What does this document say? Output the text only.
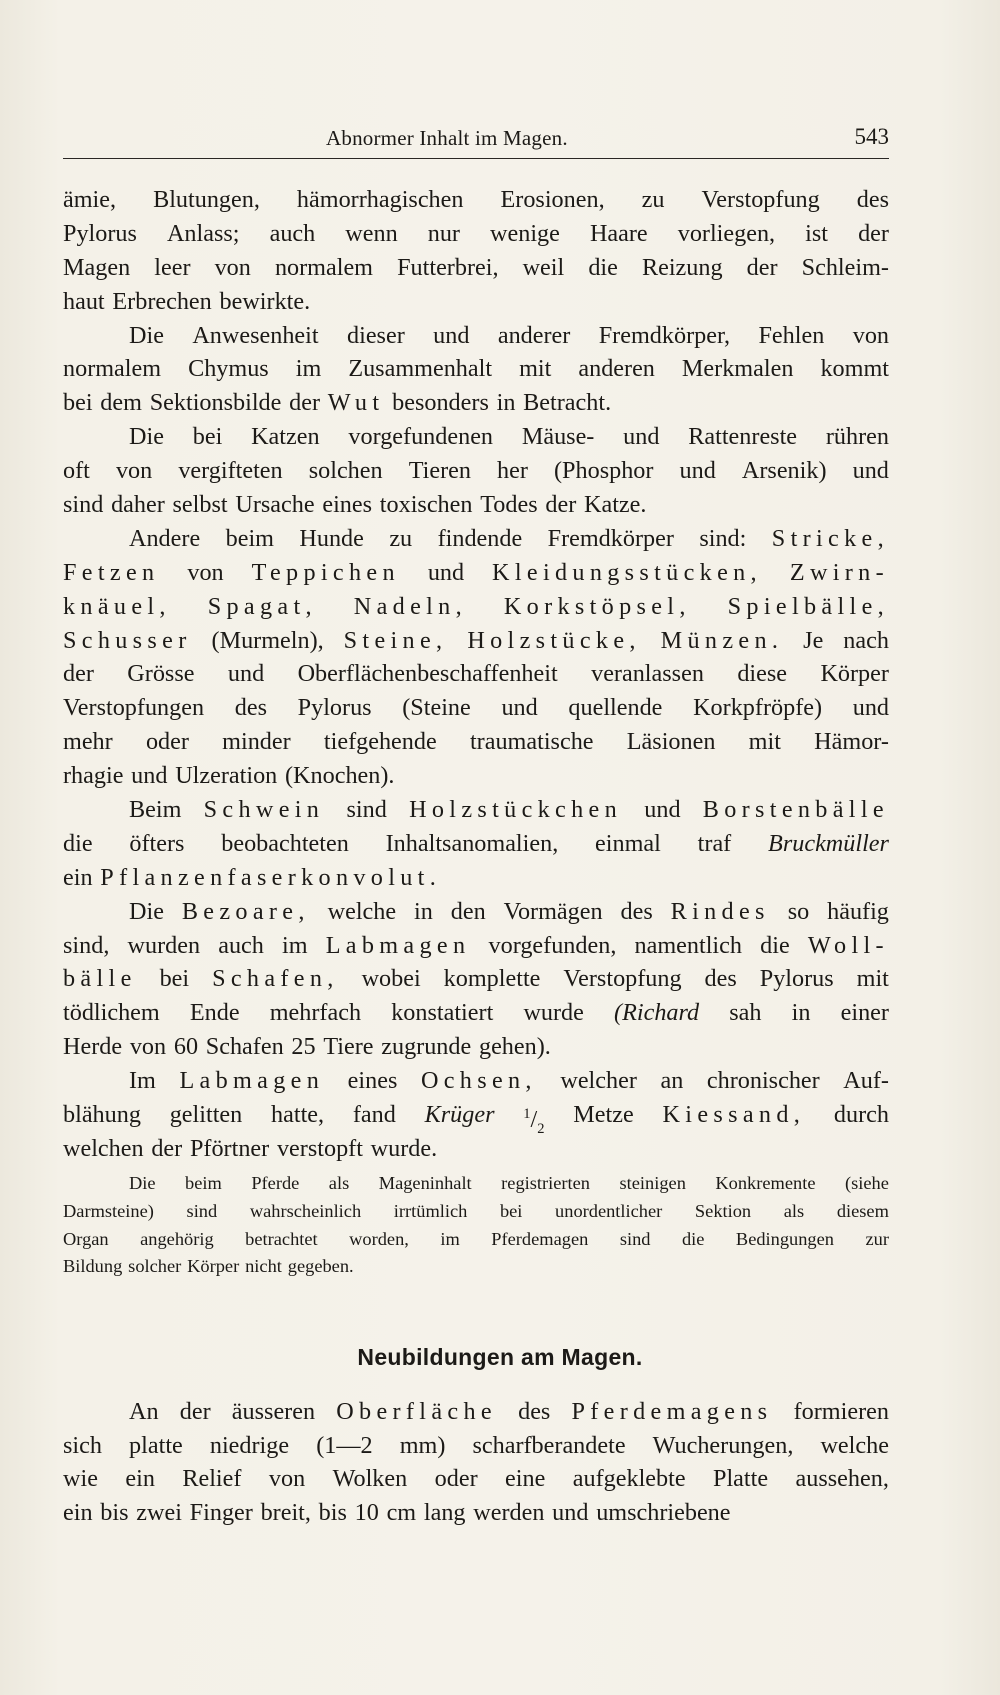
Abnormer Inhalt im Magen.	543
ämie, Blutungen, hämorrhagischen Erosionen, zu Verstopfung des
Pylorus Anlass; auch wenn nur wenige Haare vorliegen, ist der
Magen leer von normalem Futterbrei, weil die Reizung der Schleim-
haut Erbrechen bewirkte.
Die Anwesenheit dieser und anderer Fremdkörper, Fehlen von
normalem Chymus im Zusammenhalt mit anderen Merkmalen kommt
bei dem Sektionsbilde der Wut besonders in Betracht.
Die bei Katzen vorgefundenen Mäuse- und Rattenreste rühren
oft von vergifteten solchen Tieren her (Phosphor und Arsenik) und
sind daher selbst Ursache eines toxischen Todes der Katze.
Andere beim Hunde zu findende Fremdkörper sind: Stricke,
Fetzen von Teppichen und Kleidungsstücken, Zwirn-
knäuel, Spagat, Nadeln, Korkstöpsel, Spielbälle,
Schusser (Murmeln), Steine, Holzstücke, Münzen. Je nach
der Grösse und Oberflächenbeschaffenheit veranlassen diese Körper
Verstopfungen des Pylorus (Steine und quellende Korkpfröpfe) und
mehr oder minder tiefgehende traumatische Läsionen mit Hämor-
rhagie und Ulzeration (Knochen).
Beim Schwein sind Holzstückchen und Borstenbälle
die öfters beobachteten Inhaltsanomalien, einmal traf Bruckmüller
ein Pflanzenfaserkonvolut.
Die Bezoare, welche in den Vormägen des Rindes so häufig
sind, wurden auch im Labmagen vorgefunden, namentlich die Woll-
bälle bei Schafen, wobei komplette Verstopfung des Pylorus mit
tödlichem Ende mehrfach konstatiert wurde (Richard sah in einer
Herde von 60 Schafen 25 Tiere zugrunde gehen).
Im Labmagen eines Ochsen, welcher an chronischer Auf-
blähung gelitten hatte, fand Krüger $^1/_2$
Metze Kiessand, durch
welchen der Pförtner verstopft wurde.
Die beim Pferde als Mageninhalt registrierten steinigen Konkremente (siehe
Darmsteine) sind wahrscheinlich irrtümlich bei unordentlicher Sektion als diesem
Organ angehörig betrachtet worden, im Pferdemagen sind die Bedingungen zur
Bildung solcher Körper nicht gegeben.
Neubildungen am Magen.
An der äusseren Oberfläche des Pferdemagens formieren
sich platte niedrige (1—2 mm) scharfberandete Wucherungen, welche
wie ein Relief von Wolken oder eine aufgeklebte Platte aussehen,
ein bis zwei Finger breit, bis 10 cm lang werden und umschriebene
